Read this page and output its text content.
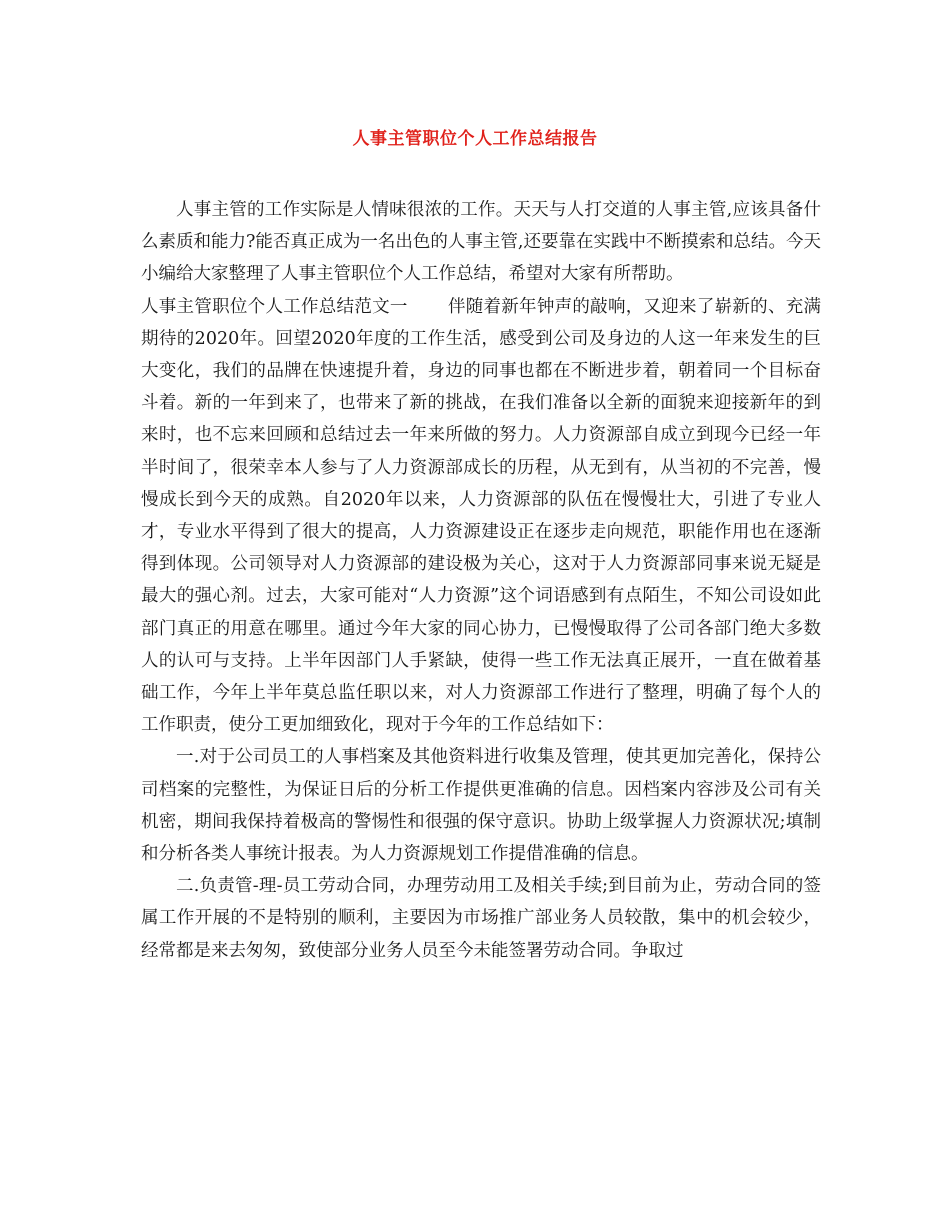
人事主管职位个人工作总结报告

人事主管的工作实际是人情味很浓的工作。天天与人打交道的人事主管,应该具备什么素质和能力?能否真正成为一名出色的人事主管,还要靠在实践中不断摸索和总结。今天小编给大家整理了人事主管职位个人工作总结，希望对大家有所帮助。

人事主管职位个人工作总结范文一 伴随着新年钟声的敲响，又迎来了崭新的、充满期待的2020年。回望2020年度的工作生活，感受到公司及身边的人这一年来发生的巨大变化，我们的品牌在快速提升着，身边的同事也都在不断进步着，朝着同一个目标奋斗着。新的一年到来了，也带来了新的挑战，在我们准备以全新的面貌来迎接新年的到来时，也不忘来回顾和总结过去一年来所做的努力。人力资源部自成立到现今已经一年半时间了，很荣幸本人参与了人力资源部成长的历程，从无到有，从当初的不完善，慢慢成长到今天的成熟。自2020年以来，人力资源部的队伍在慢慢壮大，引进了专业人才，专业水平得到了很大的提高，人力资源建设正在逐步走向规范，职能作用也在逐渐得到体现。公司领导对人力资源部的建设极为关心，这对于人力资源部同事来说无疑是最大的强心剂。过去，大家可能对“人力资源”这个词语感到有点陌生，不知公司设如此部门真正的用意在哪里。通过今年大家的同心协力，已慢慢取得了公司各部门绝大多数人的认可与支持。上半年因部门人手紧缺，使得一些工作无法真正展开，一直在做着基础工作，今年上半年莫总监任职以来，对人力资源部工作进行了整理，明确了每个人的工作职责，使分工更加细致化，现对于今年的工作总结如下：

一.对于公司员工的人事档案及其他资料进行收集及管理，使其更加完善化，保持公司档案的完整性，为保证日后的分析工作提供更准确的信息。因档案内容涉及公司有关机密，期间我保持着极高的警惕性和很强的保守意识。协助上级掌握人力资源状况;填制和分析各类人事统计报表。为人力资源规划工作提借准确的信息。

二.负责管-理-员工劳动合同，办理劳动用工及相关手续;到目前为止，劳动合同的签属工作开展的不是特别的顺利，主要因为市场推广部业务人员较散，集中的机会较少，经常都是来去匆匆，致使部分业务人员至今未能签署劳动合同。争取过
